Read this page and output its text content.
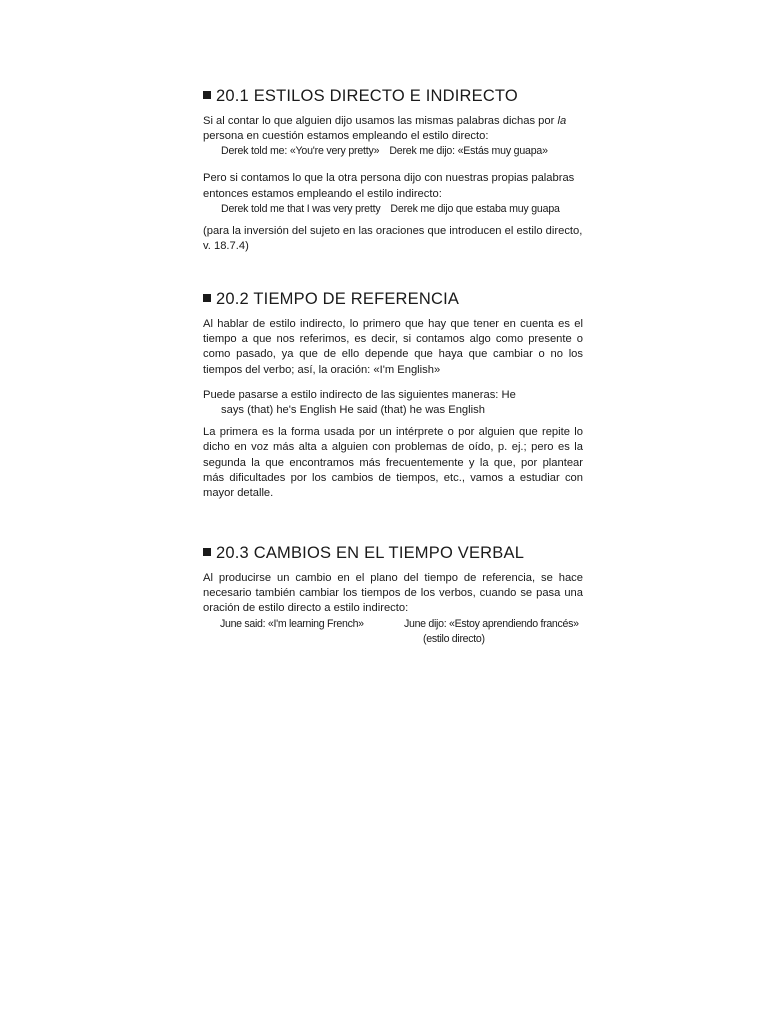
20.1 ESTILOS DIRECTO E INDIRECTO

Si al contar lo que alguien dijo usamos las mismas palabras dichas por la persona en cuestión estamos empleando el estilo directo:

Derek told me: «You're very pretty» Derek me dijo: «Estás muy guapa»

Pero si contamos lo que la otra persona dijo con nuestras propias palabras entonces estamos empleando el estilo indirecto:

Derek told me that I was very pretty Derek me dijo que estaba muy guapa

(para la inversión del sujeto en las oraciones que introducen el estilo directo, v. 18.7.4)

20.2 TIEMPO DE REFERENCIA

Al hablar de estilo indirecto, lo primero que hay que tener en cuenta es el tiempo a que nos referimos, es decir, si contamos algo como presente o como pasado, ya que de ello depende que haya que cambiar o no los tiempos del verbo; así, la oración: «I'm English»

Puede pasarse a estilo indirecto de las siguientes maneras: He
says (that) he's English He said (that) he was English

La primera es la forma usada por un intérprete o por alguien que repite lo dicho en voz más alta a alguien con problemas de oído, p. ej.; pero es la segunda la que encontramos más frecuentemente y la que, por plantear más dificultades por los cambios de tiempos, etc., vamos a estudiar con mayor detalle.

20.3 CAMBIOS EN EL TIEMPO VERBAL

Al producirse un cambio en el plano del tiempo de referencia, se hace necesario también cambiar los tiempos de los verbos, cuando se pasa una oración de estilo directo a estilo indirecto:

June said: «I'm learning French»	June dijo: «Estoy aprendiendo francés»
(estilo directo)
